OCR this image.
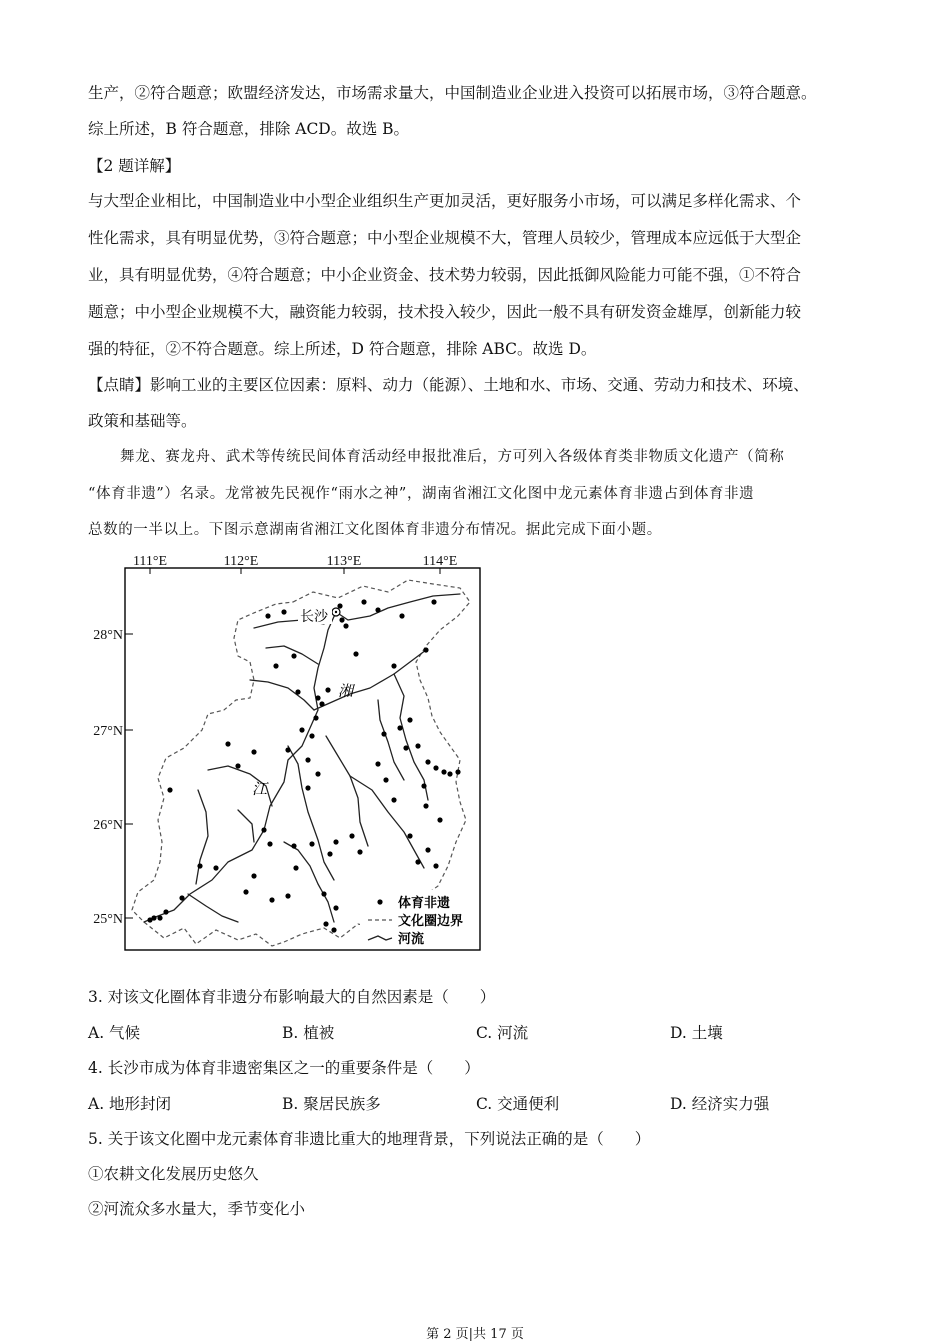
生产，②符合题意；欧盟经济发达，市场需求量大，中国制造业企业进入投资可以拓展市场，③符合题意。
综上所述，B 符合题意，排除 ACD。故选 B。
【2 题详解】
与大型企业相比，中国制造业中小型企业组织生产更加灵活，更好服务小市场，可以满足多样化需求、个
性化需求，具有明显优势，③符合题意；中小型企业规模不大，管理人员较少，管理成本应远低于大型企
业，具有明显优势，④符合题意；中小企业资金、技术势力较弱，因此抵御风险能力可能不强，①不符合
题意；中小型企业规模不大，融资能力较弱，技术投入较少，因此一般不具有研发资金雄厚，创新能力较
强的特征，②不符合题意。综上所述，D 符合题意，排除 ABC。故选 D。
【点睛】影响工业的主要区位因素：原料、动力（能源）、土地和水、市场、交通、劳动力和技术、环境、
政策和基础等。
舞龙、赛龙舟、武术等传统民间体育活动经申报批准后，方可列入各级体育类非物质文化遗产（简称
“体育非遗”）名录。龙常被先民视作“雨水之神”，湖南省湘江文化图中龙元素体育非遗占到体育非遗
总数的一半以上。下图示意湖南省湘江文化图体育非遗分布情况。据此完成下面小题。
111°E	112°E	113°E	114°E
28°N
27°N
26°N
25°N
长沙
湘
江
体育非遗
文化圈边界
河流
3. 对该文化圈体育非遗分布影响最大的自然因素是（　　）
A. 气候	B. 植被	C. 河流	D. 土壤
4. 长沙市成为体育非遗密集区之一的重要条件是（　　）
A. 地形封闭	B. 聚居民族多	C. 交通便利	D. 经济实力强
5. 关于该文化圈中龙元素体育非遗比重大的地理背景，下列说法正确的是（　　）
①农耕文化发展历史悠久
②河流众多水量大，季节变化小
第 2 页|共 17 页
